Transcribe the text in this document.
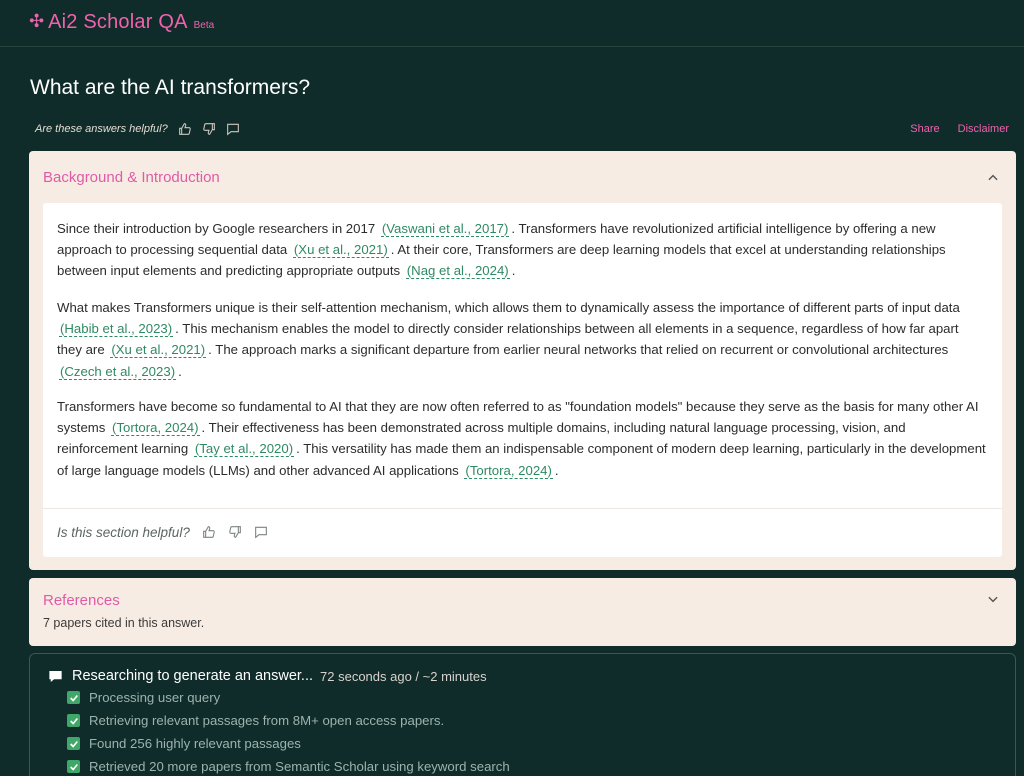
✣ Ai2 Scholar QA Beta
What are the AI transformers?
Are these answers helpful?	Share Disclaimer
Background & Introduction

Since their introduction by Google researchers in 2017 (Vaswani et al., 2017) . Transformers have revolutionized artificial intelligence by offering a new approach to processing sequential data (Xu et al., 2021) . At their core, Transformers are deep learning models that excel at understanding relationships between input elements and predicting appropriate outputs (Nag et al., 2024) .

What makes Transformers unique is their self-attention mechanism, which allows them to dynamically assess the importance of different parts of input data (Habib et al., 2023) . This mechanism enables the model to directly consider relationships between all elements in a sequence, regardless of how far apart they are (Xu et al., 2021) . The approach marks a significant departure from earlier neural networks that relied on recurrent or convolutional architectures (Czech et al., 2023) .

Transformers have become so fundamental to AI that they are now often referred to as "foundation models" because they serve as the basis for many other AI systems (Tortora, 2024) . Their effectiveness has been demonstrated across multiple domains, including natural language processing, vision, and reinforcement learning (Tay et al., 2020) . This versatility has made them an indispensable component of modern deep learning, particularly in the development of large language models (LLMs) and other advanced AI applications (Tortora, 2024) .

Is this section helpful?
References
7 papers cited in this answer.
Researching to generate an answer... 72 seconds ago / ~2 minutes
Processing user query
Retrieving relevant passages from 8M+ open access papers.
Found 256 highly relevant passages
Retrieved 20 more papers from Semantic Scholar using keyword search
